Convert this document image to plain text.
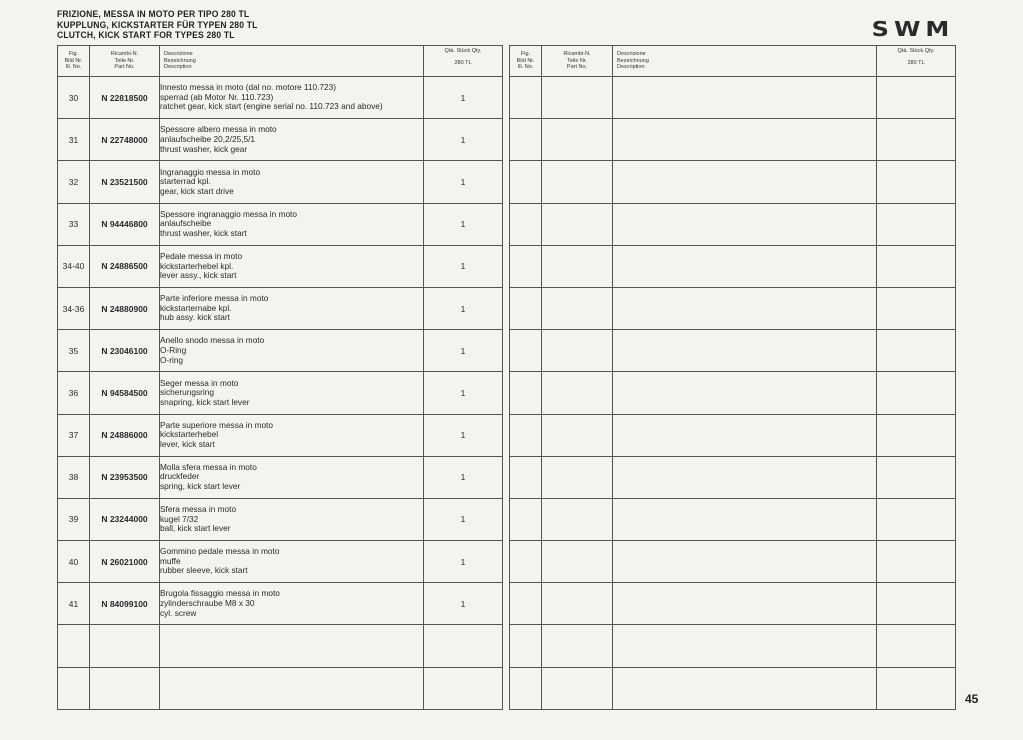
FRIZIONE, MESSA IN MOTO PER TIPO 280 TL
KUPPLUNG, KICKSTARTER FÜR TYPEN 280 TL
CLUTCH, KICK START FOR TYPES 280 TL	SWM
Fig.
Bild Nr.
Ill. No.	Ricambi-N.
Teile Nr.
Part No.	Descrizione
Bezeichnung
Description	Qtà. Stück Qty.
280 TL

30	N 22818500	Innesto messa in moto (dal no. motore 110.723)
sperrad (ab Motor Nr. 110.723)
ratchet gear, kick start (engine serial no. 110.723 and above)	1
31	N 22748000	Spessore albero messa in moto
anlaufscheibe 20,2/25,5/1
thrust washer, kick gear	1
32	N 23521500	Ingranaggio messa in moto
starterrad kpl.
gear, kick start drive	1
33	N 94446800	Spessore ingranaggio messa in moto
anlaufscheibe
thrust washer, kick start	1
34-40	N 24886500	Pedale messa in moto
kickstarterhebel kpl.
lever assy., kick start	1
34-36	N 24880900	Parte inferiore messa in moto
kickstarternabe kpl.
hub assy. kick start	1
35	N 23046100	Anello snodo messa in moto
O-Ring
O-ring	1
36	N 94584500	Seger messa in moto
sicherungsring
snapring, kick start lever	1
37	N 24886000	Parte superiore messa in moto
kickstarterhebel
lever, kick start	1
38	N 23953500	Molla sfera messa in moto
druckfeder
spring, kick start lever	1
39	N 23244000	Sfera messa in moto
kugel 7/32
ball, kick start lever	1
40	N 26021000	Gommino pedale messa in moto
muffe
rubber sleeve, kick start	1
41	N 84099100	Brugola fissaggio messa in moto
zylinderschraube M8 x 30
cyl. screw	1

Fig.
Bild Nr.
Ill. No.	Ricambi-N.
Teile Nr.
Part No.	Descrizione
Bezeichnung
Description	Qtà. Stück Qty.
280 TL

45
